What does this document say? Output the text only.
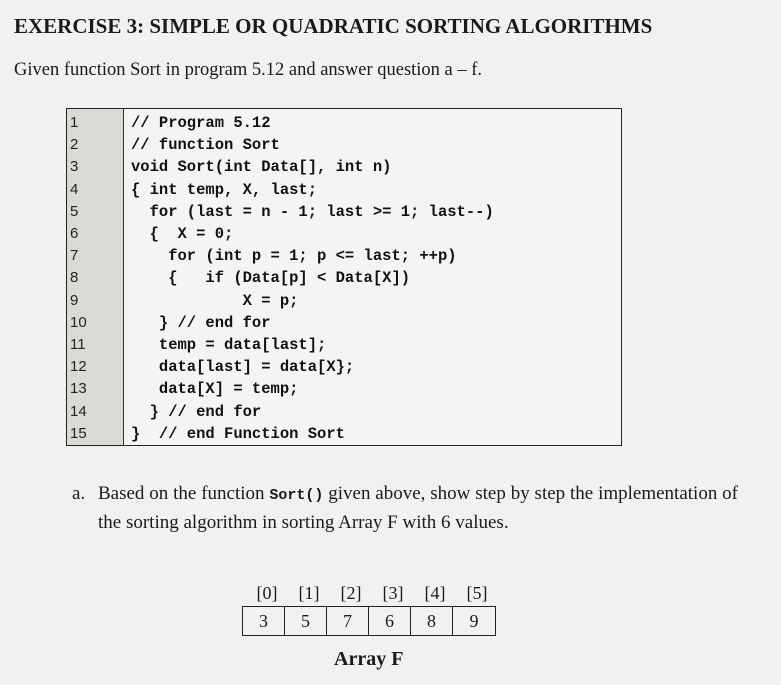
EXERCISE 3: SIMPLE OR QUADRATIC SORTING ALGORITHMS
Given function Sort in program 5.12 and answer question a – f.
1	// Program 5.12
2	// function Sort
3	void Sort(int Data[], int n)
4	{ int temp, X, last;
5	for (last = n - 1; last >= 1; last--)
6	{  X = 0;
7	for (int p = 1; p <= last; ++p)
8	{   if (Data[p] < Data[X])
9	X = p;
10	} // end for
11	temp = data[last];
12	data[last] = data[X};
13	data[X] = temp;
14	} // end for
15	}  // end Function Sort
a. Based on the function Sort() given above, show step by step the implementation of the sorting algorithm in sorting Array F with 6 values.
[0]	[1]	[2]	[3]	[4]	[5]
3	5	7	6	8	9
Array F
